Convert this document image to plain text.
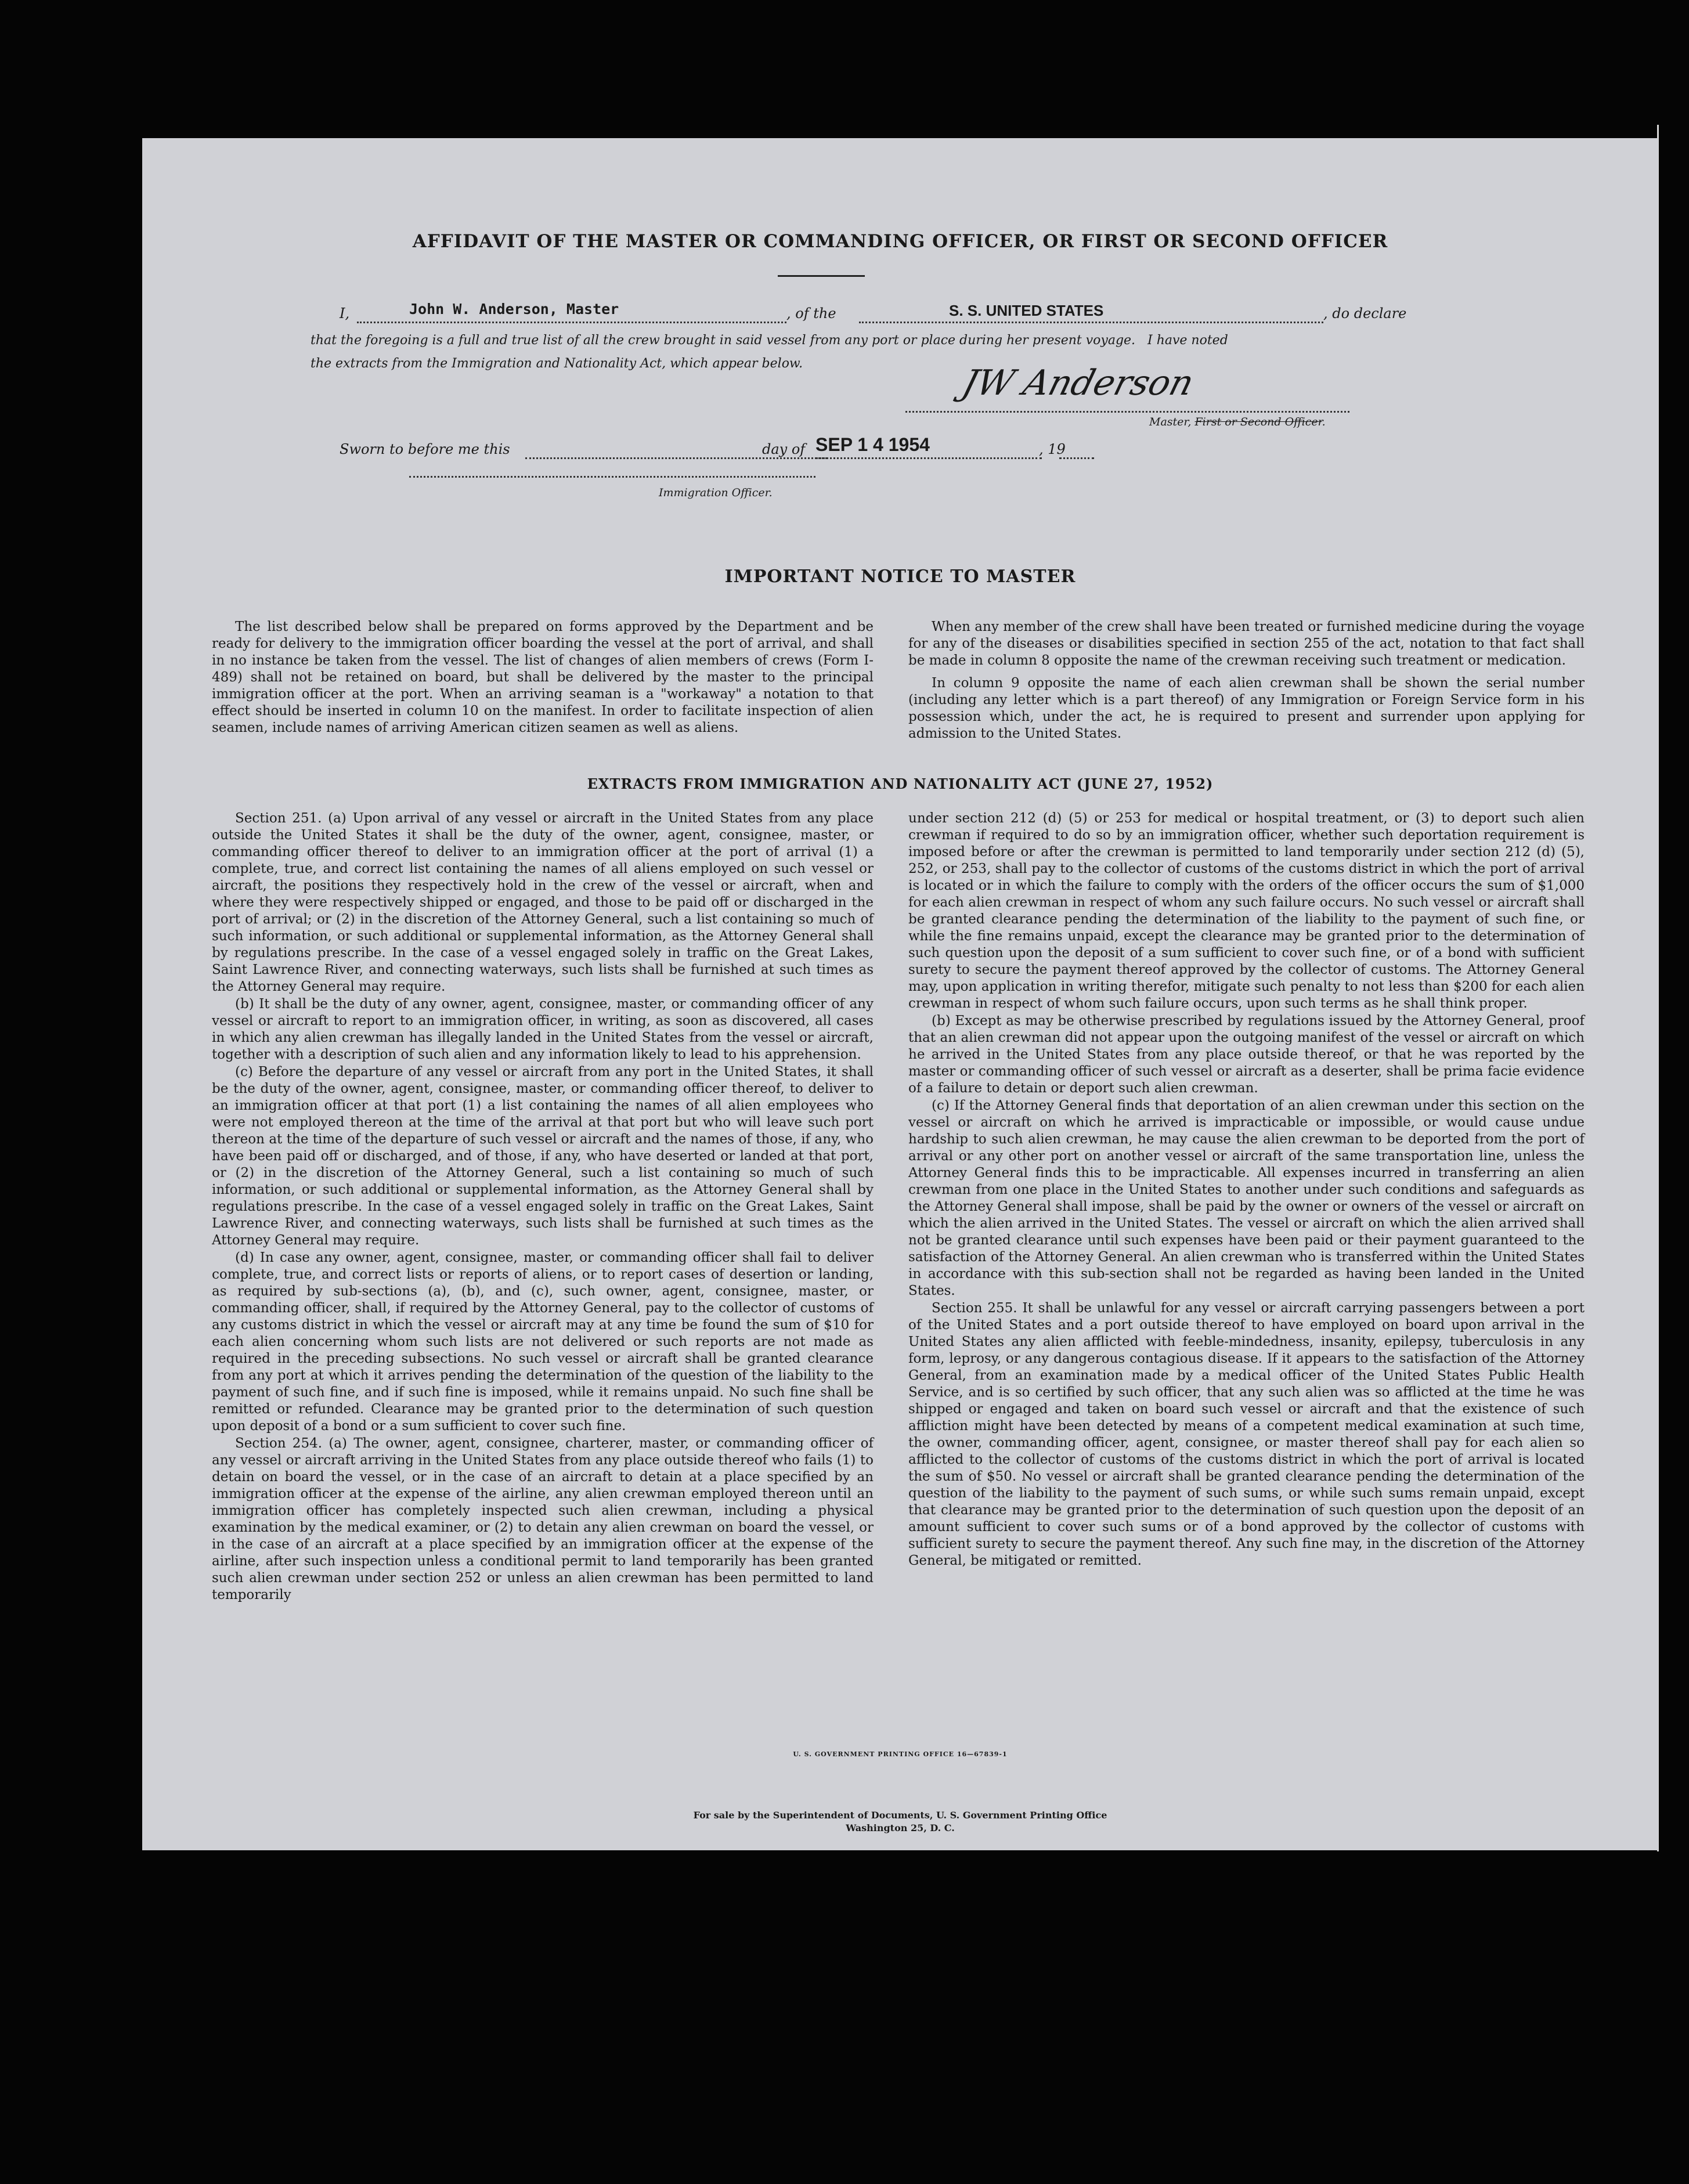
AFFIDAVIT OF THE MASTER OR COMMANDING OFFICER, OR FIRST OR SECOND OFFICER
I,	John W. Anderson, Master	, of the	S. S. UNITED STATES	, do declare
that the foregoing is a full and true list of all the crew brought in said vessel from any port or place during her present voyage.   I have noted
the extracts from the Immigration and Nationality Act, which appear below.	JW Anderson
Master, First or Second Officer.
Sworn to before me this	day of SEP 1 4 1954	, 19
Immigration Officer.
IMPORTANT NOTICE TO MASTER

The list described below shall be prepared on forms approved by the Department and be ready for delivery to the immigration officer boarding the vessel at the port of arrival, and shall in no instance be taken from the vessel. The list of changes of alien members of crews (Form I-489) shall not be retained on board, but shall be delivered by the master to the principal immigration officer at the port. When an arriving seaman is a "workaway" a notation to that effect should be inserted in column 10 on the manifest. In order to facilitate inspection of alien seamen, include names of arriving American citizen seamen as well as aliens.

When any member of the crew shall have been treated or furnished medicine during the voyage for any of the diseases or disabilities specified in section 255 of the act, notation to that fact shall be made in column 8 opposite the name of the crewman receiving such treatment or medication.

In column 9 opposite the name of each alien crewman shall be shown the serial number (including any letter which is a part thereof) of any Immigration or Foreign Service form in his possession which, under the act, he is required to present and surrender upon applying for admission to the United States.

EXTRACTS FROM IMMIGRATION AND NATIONALITY ACT (JUNE 27, 1952)

Section 251. (a) Upon arrival of any vessel or aircraft in the United States from any place outside the United States it shall be the duty of the owner, agent, consignee, master, or commanding officer thereof to deliver to an immigration officer at the port of arrival (1) a complete, true, and correct list containing the names of all aliens employed on such vessel or aircraft, the positions they respectively hold in the crew of the vessel or aircraft, when and where they were respectively shipped or engaged, and those to be paid off or discharged in the port of arrival; or (2) in the discretion of the Attorney General, such a list containing so much of such information, or such additional or supplemental information, as the Attorney General shall by regulations prescribe. In the case of a vessel engaged solely in traffic on the Great Lakes, Saint Lawrence River, and connecting waterways, such lists shall be furnished at such times as the Attorney General may require.

(b) It shall be the duty of any owner, agent, consignee, master, or commanding officer of any vessel or aircraft to report to an immigration officer, in writing, as soon as discovered, all cases in which any alien crewman has illegally landed in the United States from the vessel or aircraft, together with a description of such alien and any information likely to lead to his apprehension.

(c) Before the departure of any vessel or aircraft from any port in the United States, it shall be the duty of the owner, agent, consignee, master, or commanding officer thereof, to deliver to an immigration officer at that port (1) a list containing the names of all alien employees who were not employed thereon at the time of the arrival at that port but who will leave such port thereon at the time of the departure of such vessel or aircraft and the names of those, if any, who have been paid off or discharged, and of those, if any, who have deserted or landed at that port, or (2) in the discretion of the Attorney General, such a list containing so much of such information, or such additional or supplemental information, as the Attorney General shall by regulations prescribe. In the case of a vessel engaged solely in traffic on the Great Lakes, Saint Lawrence River, and connecting waterways, such lists shall be furnished at such times as the Attorney General may require.

(d) In case any owner, agent, consignee, master, or commanding officer shall fail to deliver complete, true, and correct lists or reports of aliens, or to report cases of desertion or landing, as required by sub-sections (a), (b), and (c), such owner, agent, consignee, master, or commanding officer, shall, if required by the Attorney General, pay to the collector of customs of any customs district in which the vessel or aircraft may at any time be found the sum of $10 for each alien concerning whom such lists are not delivered or such reports are not made as required in the preceding subsections. No such vessel or aircraft shall be granted clearance from any port at which it arrives pending the determination of the question of the liability to the payment of such fine, and if such fine is imposed, while it remains unpaid. No such fine shall be remitted or refunded. Clearance may be granted prior to the determination of such question upon deposit of a bond or a sum sufficient to cover such fine.

Section 254. (a) The owner, agent, consignee, charterer, master, or commanding officer of any vessel or aircraft arriving in the United States from any place outside thereof who fails (1) to detain on board the vessel, or in the case of an aircraft to detain at a place specified by an immigration officer at the expense of the airline, any alien crewman employed thereon until an immigration officer has completely inspected such alien crewman, including a physical examination by the medical examiner, or (2) to detain any alien crewman on board the vessel, or in the case of an aircraft at a place specified by an immigration officer at the expense of the airline, after such inspection unless a conditional permit to land temporarily has been granted such alien crewman under section 252 or unless an alien crewman has been permitted to land temporarily

under section 212 (d) (5) or 253 for medical or hospital treatment, or (3) to deport such alien crewman if required to do so by an immigration officer, whether such deportation requirement is imposed before or after the crewman is permitted to land temporarily under section 212 (d) (5), 252, or 253, shall pay to the collector of customs of the customs district in which the port of arrival is located or in which the failure to comply with the orders of the officer occurs the sum of $1,000 for each alien crewman in respect of whom any such failure occurs. No such vessel or aircraft shall be granted clearance pending the determination of the liability to the payment of such fine, or while the fine remains unpaid, except the clearance may be granted prior to the determination of such question upon the deposit of a sum sufficient to cover such fine, or of a bond with sufficient surety to secure the payment thereof approved by the collector of customs. The Attorney General may, upon application in writing therefor, mitigate such penalty to not less than $200 for each alien crewman in respect of whom such failure occurs, upon such terms as he shall think proper.

(b) Except as may be otherwise prescribed by regulations issued by the Attorney General, proof that an alien crewman did not appear upon the outgoing manifest of the vessel or aircraft on which he arrived in the United States from any place outside thereof, or that he was reported by the master or commanding officer of such vessel or aircraft as a deserter, shall be prima facie evidence of a failure to detain or deport such alien crewman.

(c) If the Attorney General finds that deportation of an alien crewman under this section on the vessel or aircraft on which he arrived is impracticable or impossible, or would cause undue hardship to such alien crewman, he may cause the alien crewman to be deported from the port of arrival or any other port on another vessel or aircraft of the same transportation line, unless the Attorney General finds this to be impracticable. All expenses incurred in transferring an alien crewman from one place in the United States to another under such conditions and safeguards as the Attorney General shall impose, shall be paid by the owner or owners of the vessel or aircraft on which the alien arrived in the United States. The vessel or aircraft on which the alien arrived shall not be granted clearance until such expenses have been paid or their payment guaranteed to the satisfaction of the Attorney General. An alien crewman who is transferred within the United States in accordance with this sub-section shall not be regarded as having been landed in the United States.

Section 255. It shall be unlawful for any vessel or aircraft carrying passengers between a port of the United States and a port outside thereof to have employed on board upon arrival in the United States any alien afflicted with feeble-mindedness, insanity, epilepsy, tuberculosis in any form, leprosy, or any dangerous contagious disease. If it appears to the satisfaction of the Attorney General, from an examination made by a medical officer of the United States Public Health Service, and is so certified by such officer, that any such alien was so afflicted at the time he was shipped or engaged and taken on board such vessel or aircraft and that the existence of such affliction might have been detected by means of a competent medical examination at such time, the owner, commanding officer, agent, consignee, or master thereof shall pay for each alien so afflicted to the collector of customs of the customs district in which the port of arrival is located the sum of $50. No vessel or aircraft shall be granted clearance pending the determination of the question of the liability to the payment of such sums, or while such sums remain unpaid, except that clearance may be granted prior to the determination of such question upon the deposit of an amount sufficient to cover such sums or of a bond approved by the collector of customs with sufficient surety to secure the payment thereof. Any such fine may, in the discretion of the Attorney General, be mitigated or remitted.

U. S. GOVERNMENT PRINTING OFFICE 16—67839-1
For sale by the Superintendent of Documents, U. S. Government Printing Office
Washington 25, D. C.
